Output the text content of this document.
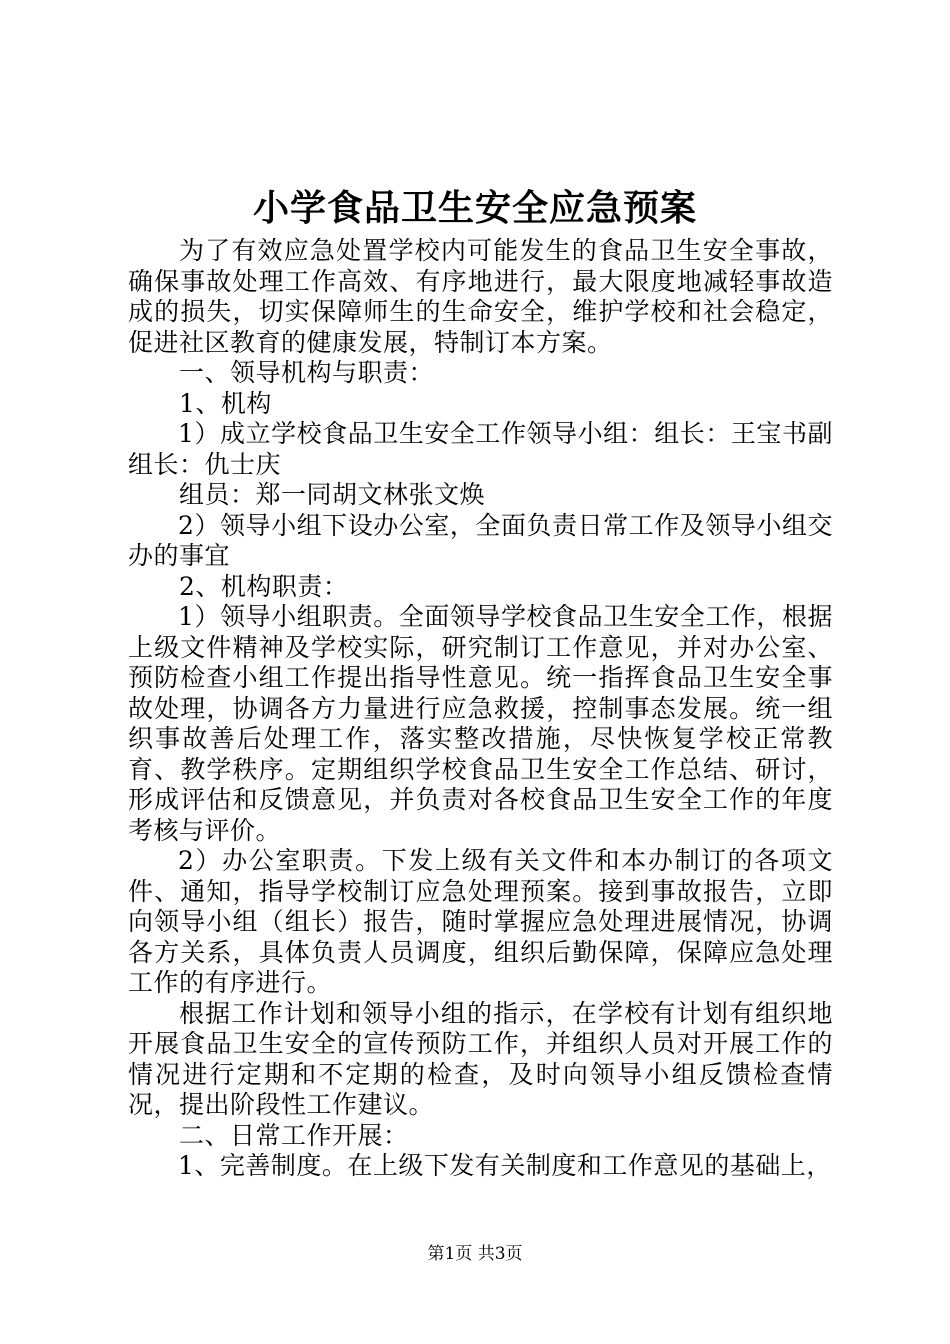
小学食品卫生安全应急预案

为了有效应急处置学校内可能发生的食品卫生安全事故，确保事故处理工作高效、有序地进行，最大限度地减轻事故造成的损失，切实保障师生的生命安全，维护学校和社会稳定，促进社区教育的健康发展，特制订本方案。

一、领导机构与职责：

1、机构

1）成立学校食品卫生安全工作领导小组：组长：王宝书副组长：仇士庆

组员：郑一同胡文林张文焕

2）领导小组下设办公室，全面负责日常工作及领导小组交办的事宜

2、机构职责：

1）领导小组职责。全面领导学校食品卫生安全工作，根据上级文件精神及学校实际，研究制订工作意见，并对办公室、预防检查小组工作提出指导性意见。统一指挥食品卫生安全事故处理，协调各方力量进行应急救援，控制事态发展。统一组织事故善后处理工作，落实整改措施，尽快恢复学校正常教育、教学秩序。定期组织学校食品卫生安全工作总结、研讨，形成评估和反馈意见，并负责对各校食品卫生安全工作的年度考核与评价。

2）办公室职责。下发上级有关文件和本办制订的各项文件、通知，指导学校制订应急处理预案。接到事故报告，立即向领导小组（组长）报告，随时掌握应急处理进展情况，协调各方关系，具体负责人员调度，组织后勤保障，保障应急处理工作的有序进行。

根据工作计划和领导小组的指示，在学校有计划有组织地开展食品卫生安全的宣传预防工作，并组织人员对开展工作的情况进行定期和不定期的检查，及时向领导小组反馈检查情况，提出阶段性工作建议。

二、日常工作开展：

1、完善制度。在上级下发有关制度和工作意见的基础上，

第1页 共3页
